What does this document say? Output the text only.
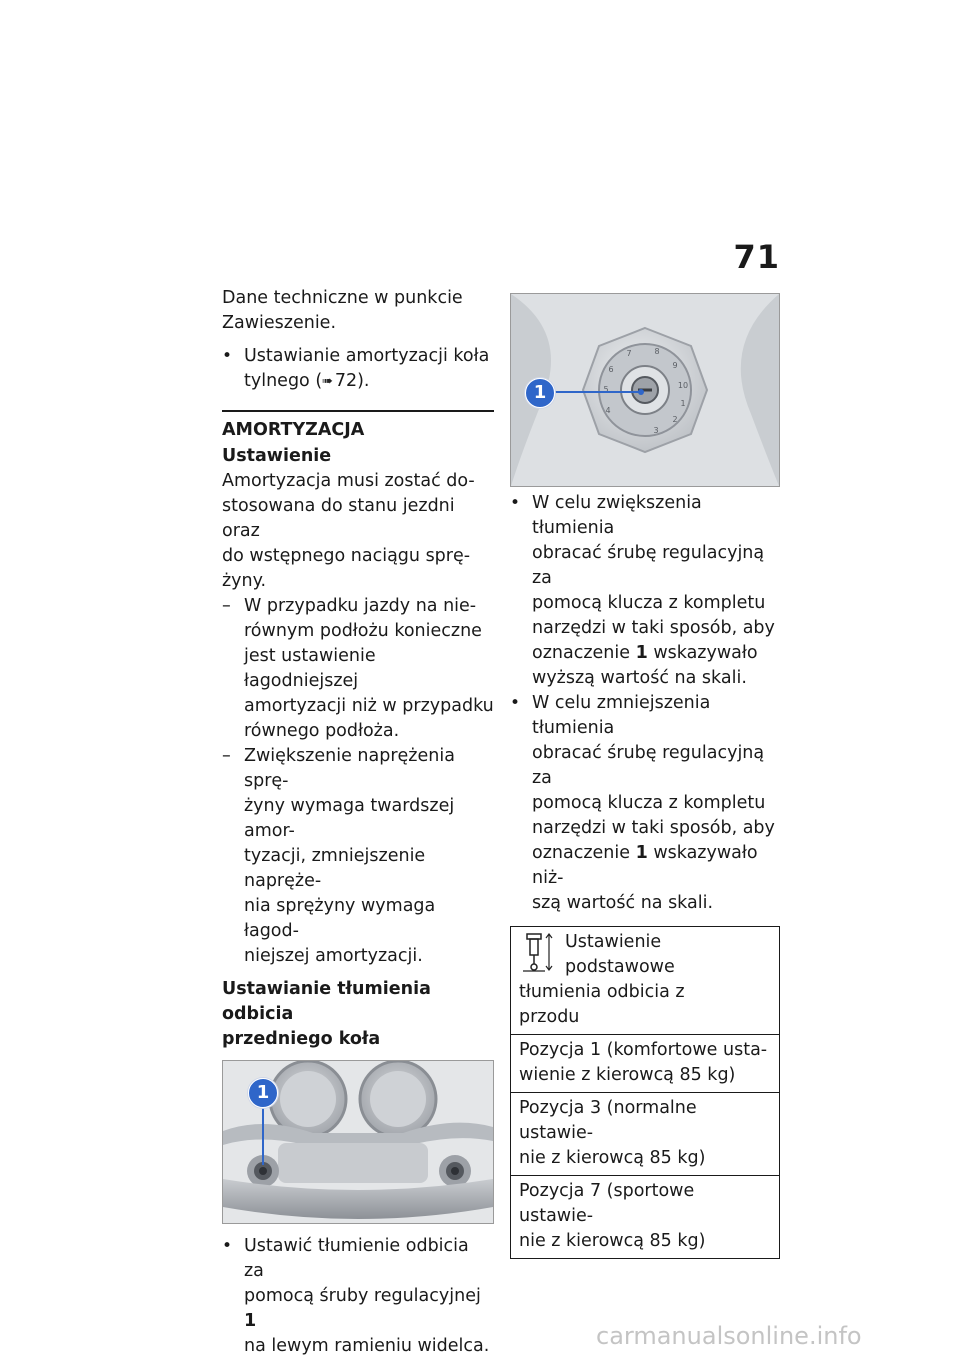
71

Dane techniczne w punkcie
Zawieszenie.

• Ustawianie amortyzacji koła
tylnego (➠  72).
AMORTYZACJA
Ustawienie

Amortyzacja musi zostać do-
stosowana do stanu jezdni oraz
do wstępnego naciągu sprę-
żyny.

– W przypadku jazdy na nie-
równym podłożu konieczne
jest ustawienie łagodniejszej
amortyzacji niż w przypadku
równego podłoża.
– Zwiększenie naprężenia sprę-
żyny wymaga twardszej amor-
tyzacji, zmniejszenie napręże-
nia sprężyny wymaga łagod-
niejszej amortyzacji.
Ustawianie tłumienia odbicia
przedniego koła
1
• Ustawić tłumienie odbicia za
pomocą śruby regulacyjnej 1
na lewym ramieniu widelca.
1
2
3
4
5
6
7	8
9
10
1
• W celu zwiększenia tłumienia
obracać śrubę regulacyjną za
pomocą klucza z kompletu
narzędzi w taki sposób, aby
oznaczenie 1 wskazywało
wyższą wartość na skali.
• W celu zmniejszenia tłumienia
obracać śrubę regulacyjną za
pomocą klucza z kompletu
narzędzi w taki sposób, aby
oznaczenie 1 wskazywało niż-
szą wartość na skali.
Ustawienie podstawowe
tłumienia odbicia z
przodu
Pozycja 1 (komfortowe usta-
wienie z kierowcą 85 kg)
Pozycja 3 (normalne ustawie-
nie z kierowcą 85 kg)
Pozycja 7 (sportowe ustawie-
nie z kierowcą 85 kg)
carmanualsonline.info
